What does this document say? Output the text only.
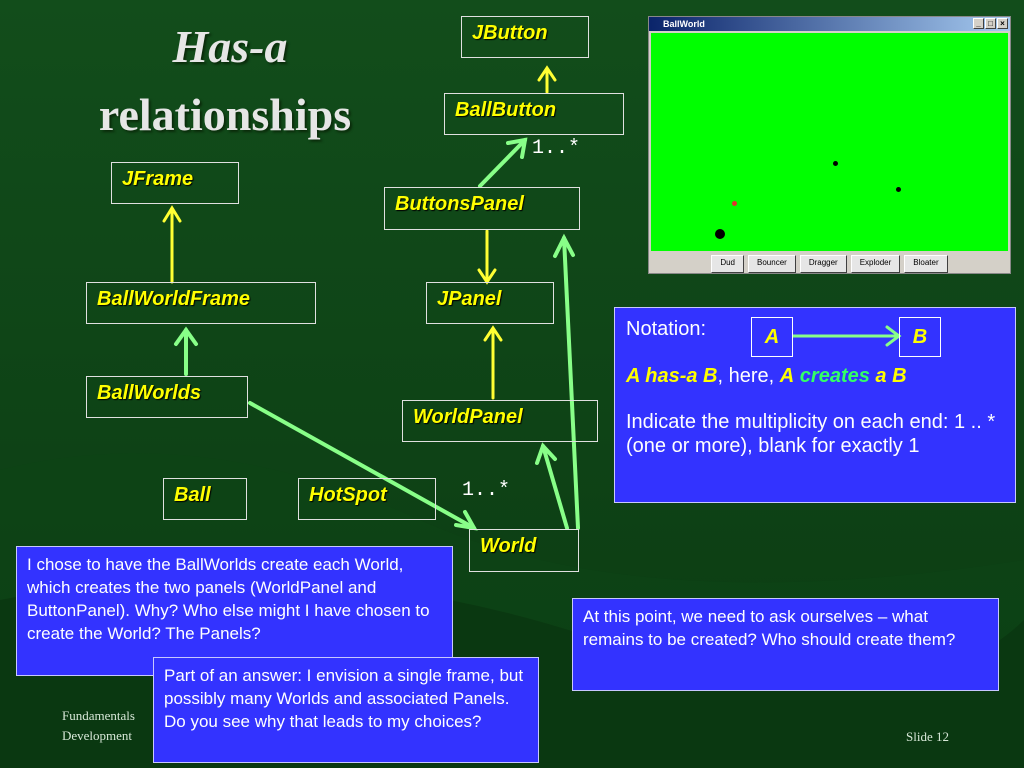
Has-a
relationships
JButton
BallButton
JFrame
ButtonsPanel
BallWorldFrame	JPanel
BallWorlds
WorldPanel
Ball	HotSpot
World
1..*
1..*
BallWorld	_ □ ×
Dud	Bouncer	Dragger	Exploder	Bloater
Notation:	A	B
A has-a B, here, A creates a B
Indicate the multiplicity on each end: 1 .. * (one or more), blank for exactly 1
I chose to have the BallWorlds create each World, which creates the two panels (WorldPanel and ButtonPanel). Why? Who else might I have chosen to create the World? The Panels?
At this point, we need to ask ourselves – what remains to be created? Who should create them?
Part of an answer: I envision a single frame, but possibly many Worlds and associated Panels. Do you see why that leads to my choices?
Fundamentals
Development	Slide 12
